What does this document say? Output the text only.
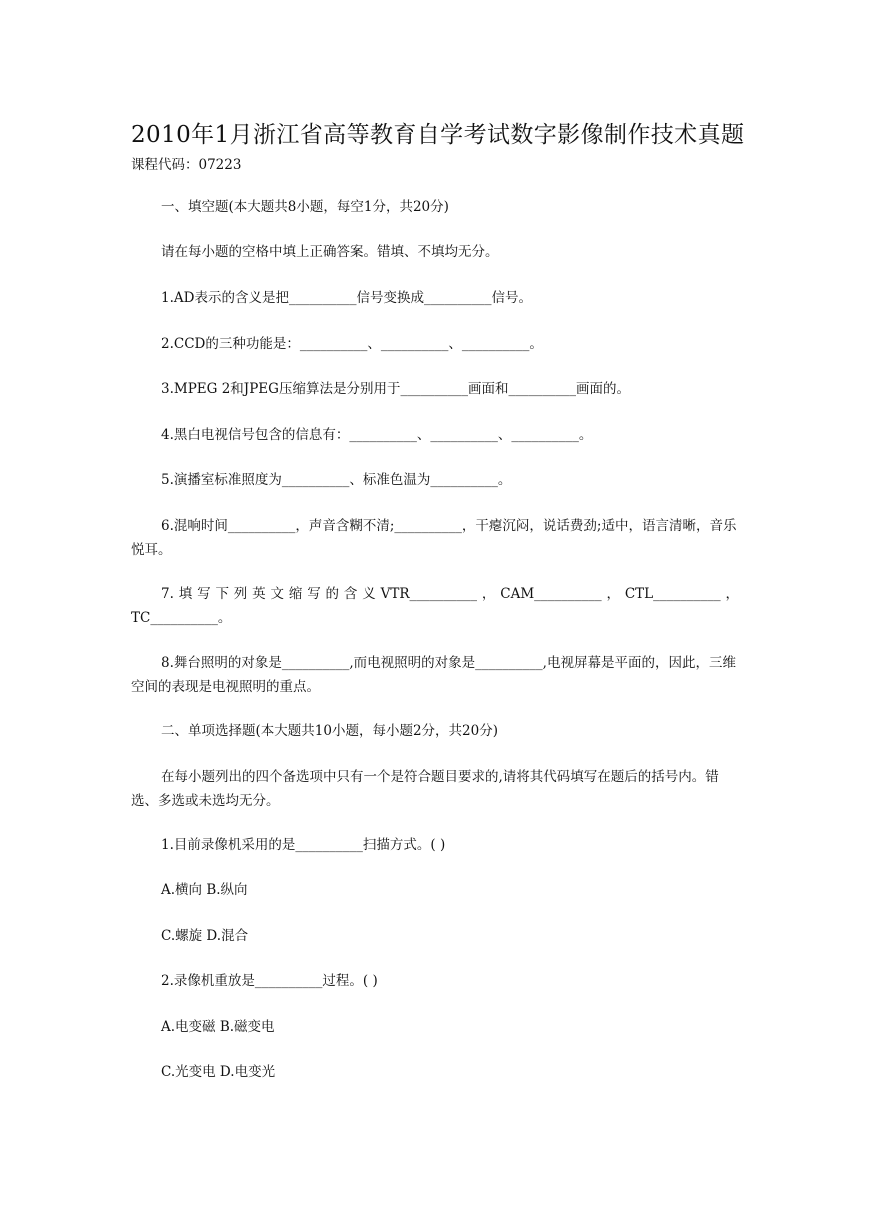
2010年1月浙江省高等教育自学考试数字影像制作技术真题
课程代码：07223
一、填空题(本大题共8小题，每空1分，共20分)
请在每小题的空格中填上正确答案。错填、不填均无分。
1.AD表示的含义是把__________信号变换成__________信号。
2.CCD的三种功能是：__________、__________、__________。
3.MPEG 2和JPEG压缩算法是分别用于__________画面和__________画面的。
4.黑白电视信号包含的信息有：__________、__________、__________。
5.演播室标准照度为__________、标准色温为__________。
6.混响时间__________，声音含糊不清;__________，干瘪沉闷，说话费劲;适中，语言清晰，音乐悦耳。
7.填写下列英文缩写的含义VTR__________，CAM__________，CTL__________，
TC__________。
8.舞台照明的对象是__________,而电视照明的对象是__________,电视屏幕是平面的，因此，三维空间的表现是电视照明的重点。
二、单项选择题(本大题共10小题，每小题2分，共20分)
在每小题列出的四个备选项中只有一个是符合题目要求的,请将其代码填写在题后的括号内。错选、多选或未选均无分。
1.目前录像机采用的是__________扫描方式。( )
A.横向 B.纵向
C.螺旋 D.混合
2.录像机重放是__________过程。( )
A.电变磁 B.磁变电
C.光变电 D.电变光
